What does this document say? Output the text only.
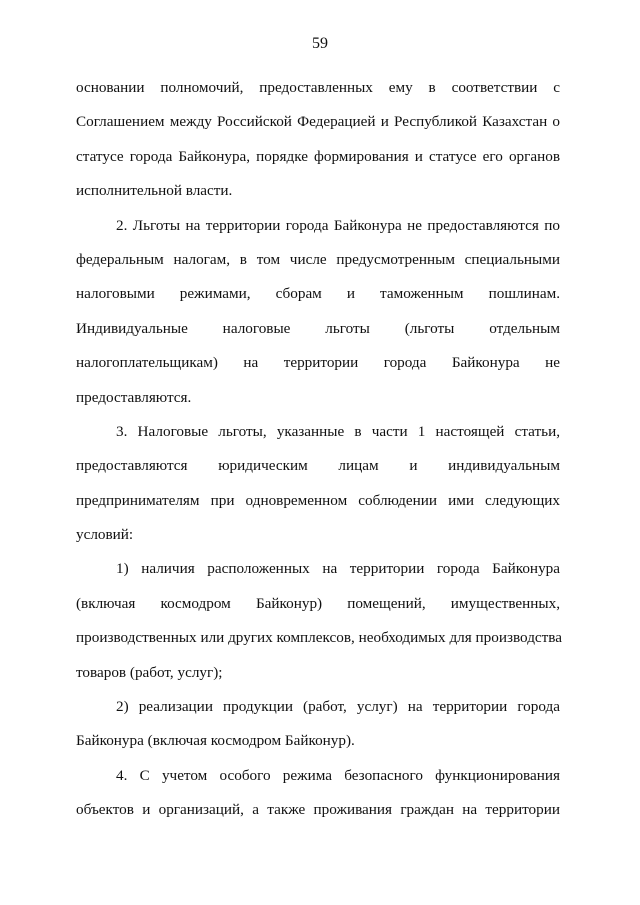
59
основании полномочий, предоставленных ему в соответствии с
Соглашением между Российской Федерацией и Республикой Казахстан о
статусе города Байконура, порядке формирования и статусе его органов
исполнительной власти.
2. Льготы на территории города Байконура не предоставляются по
федеральным налогам, в том числе предусмотренным специальными
налоговыми режимами, сборам и таможенным пошлинам.
Индивидуальные налоговые льготы (льготы отдельным
налогоплательщикам) на территории города Байконура не
предоставляются.
3. Налоговые льготы, указанные в части 1 настоящей статьи,
предоставляются юридическим лицам и индивидуальным
предпринимателям при одновременном соблюдении ими следующих
условий:
1) наличия расположенных на территории города Байконура
(включая космодром Байконур) помещений, имущественных,
производственных или других комплексов, необходимых для производства
товаров (работ, услуг);
2) реализации продукции (работ, услуг) на территории города
Байконура (включая космодром Байконур).
4. С учетом особого режима безопасного функционирования
объектов и организаций, а также проживания граждан на территории
